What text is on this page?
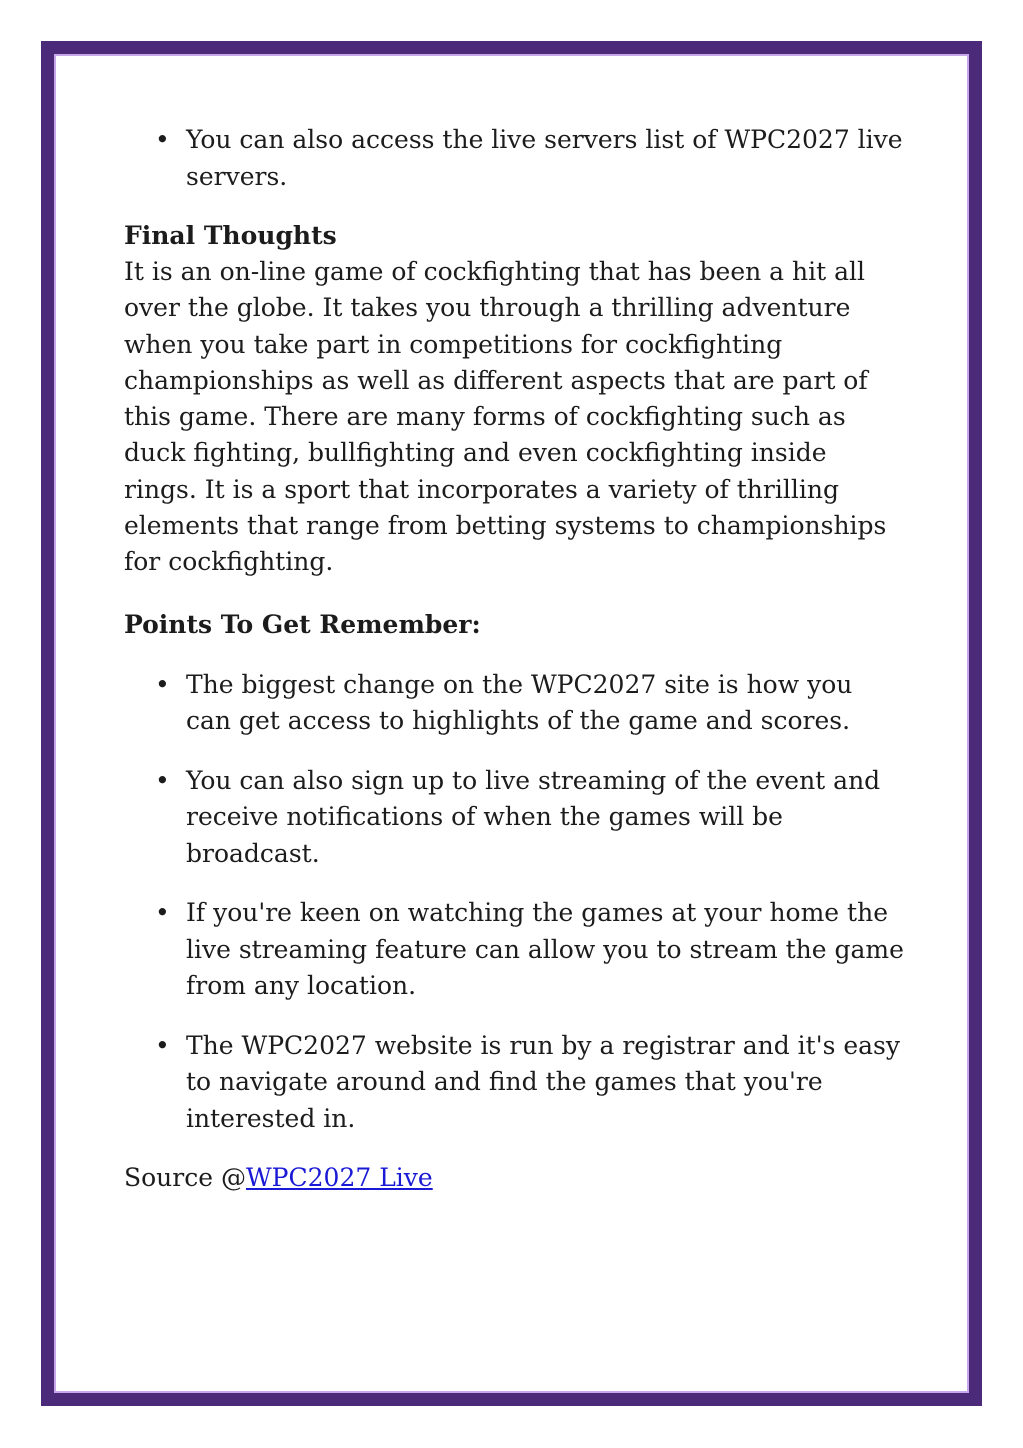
• You can also access the live servers list of WPC2027 live servers.
Final Thoughts

It is an on-line game of cockfighting that has been a hit all over the globe. It takes you through a thrilling adventure when you take part in competitions for cockfighting championships as well as different aspects that are part of this game. There are many forms of cockfighting such as duck fighting, bullfighting and even cockfighting inside rings. It is a sport that incorporates a variety of thrilling elements that range from betting systems to championships for cockfighting.

Points To Get Remember:
• The biggest change on the WPC2027 site is how you can get access to highlights of the game and scores.
• You can also sign up to live streaming of the event and receive notifications of when the games will be broadcast.
• If you're keen on watching the games at your home the live streaming feature can allow you to stream the game from any location.
• The WPC2027 website is run by a registrar and it's easy to navigate around and find the games that you're interested in.
Source @WPC2027 Live
